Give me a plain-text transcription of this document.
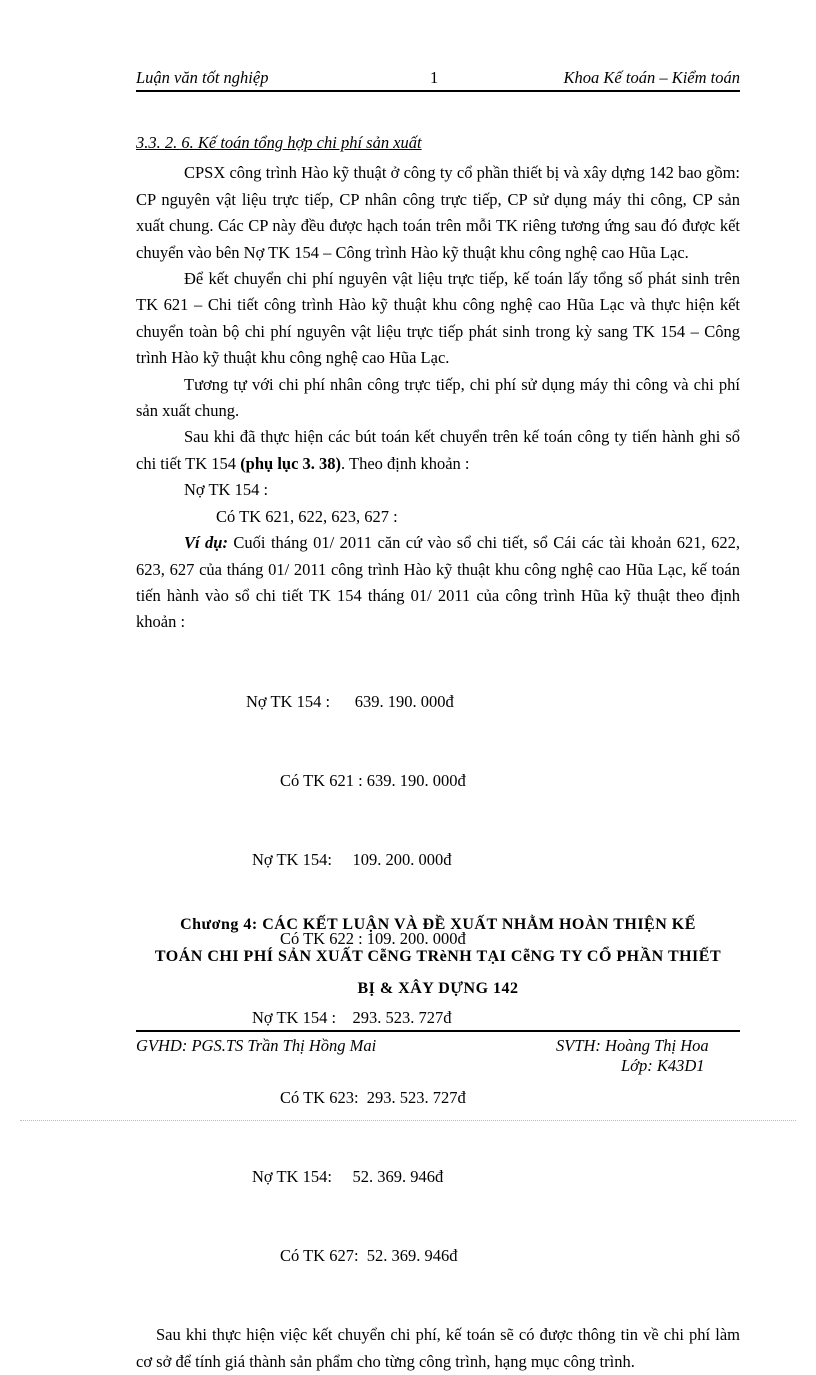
Luận văn tốt nghiệp	1	Khoa Kế toán – Kiểm toán

3.3. 2. 6. Kế toán tổng hợp chi phí sản xuất

CPSX công trình Hào kỹ thuật ở công ty cổ phần thiết bị và xây dựng 142 bao gồm: CP nguyên vật liệu trực tiếp, CP nhân công trực tiếp, CP sử dụng máy thi công, CP sản xuất chung. Các CP này đều được hạch toán trên mỗi TK riêng tương ứng sau đó được kết chuyển vào bên Nợ TK 154 – Công trình Hào kỹ thuật khu công nghệ cao Hũa Lạc.

Để kết chuyển chi phí nguyên vật liệu trực tiếp, kế toán lấy tổng số phát sinh trên TK 621 – Chi tiết công trình Hào kỹ thuật khu công nghệ cao Hũa Lạc và thực hiện kết chuyển toàn bộ chi phí nguyên vật liệu trực tiếp phát sinh trong kỳ sang TK 154 – Công trình Hào kỹ thuật khu công nghệ cao Hũa Lạc.

Tương tự với chi phí nhân công trực tiếp, chi phí sử dụng máy thi công và chi phí sản xuất chung.

Sau khi đã thực hiện các bút toán kết chuyển trên kế toán công ty tiến hành ghi sổ chi tiết TK 154 (phụ lục 3. 38). Theo định khoản :

Nợ TK 154 :

Có TK 621, 622, 623, 627 :

Ví dụ: Cuối tháng 01/ 2011 căn cứ vào sổ chi tiết, sổ Cái các tài khoản 621, 622, 623, 627 của tháng 01/ 2011 công trình Hào kỹ thuật khu công nghệ cao Hũa Lạc, kế toán tiến hành vào sổ chi tiết TK 154 tháng 01/ 2011 của công trình Hũa kỹ thuật theo định khoản :

Nợ TK 154 :      639. 190. 000đ

Có TK 621 : 639. 190. 000đ

Nợ TK 154:     109. 200. 000đ

Có TK 622 : 109. 200. 000đ

Nợ TK 154 :    293. 523. 727đ

Có TK 623:  293. 523. 727đ

Nợ TK 154:     52. 369. 946đ

Có TK 627:  52. 369. 946đ

Sau khi thực hiện việc kết chuyển chi phí, kế toán sẽ có được thông tin về chi phí làm cơ sở để tính giá thành sản phẩm cho từng công trình, hạng mục công trình.

Chương 4: CÁC KẾT LUẬN VÀ ĐỀ XUẤT NHẰM HOÀN THIỆN KẾ
TOÁN CHI PHÍ SẢN XUẤT CễNG TRèNH TẠI CễNG TY CỔ PHẦN THIẾT
BỊ & XÂY DỰNG 142
GVHD: PGS.TS Trần Thị Hồng Mai	SVTH: Hoàng Thị Hoa
Lớp: K43D1
